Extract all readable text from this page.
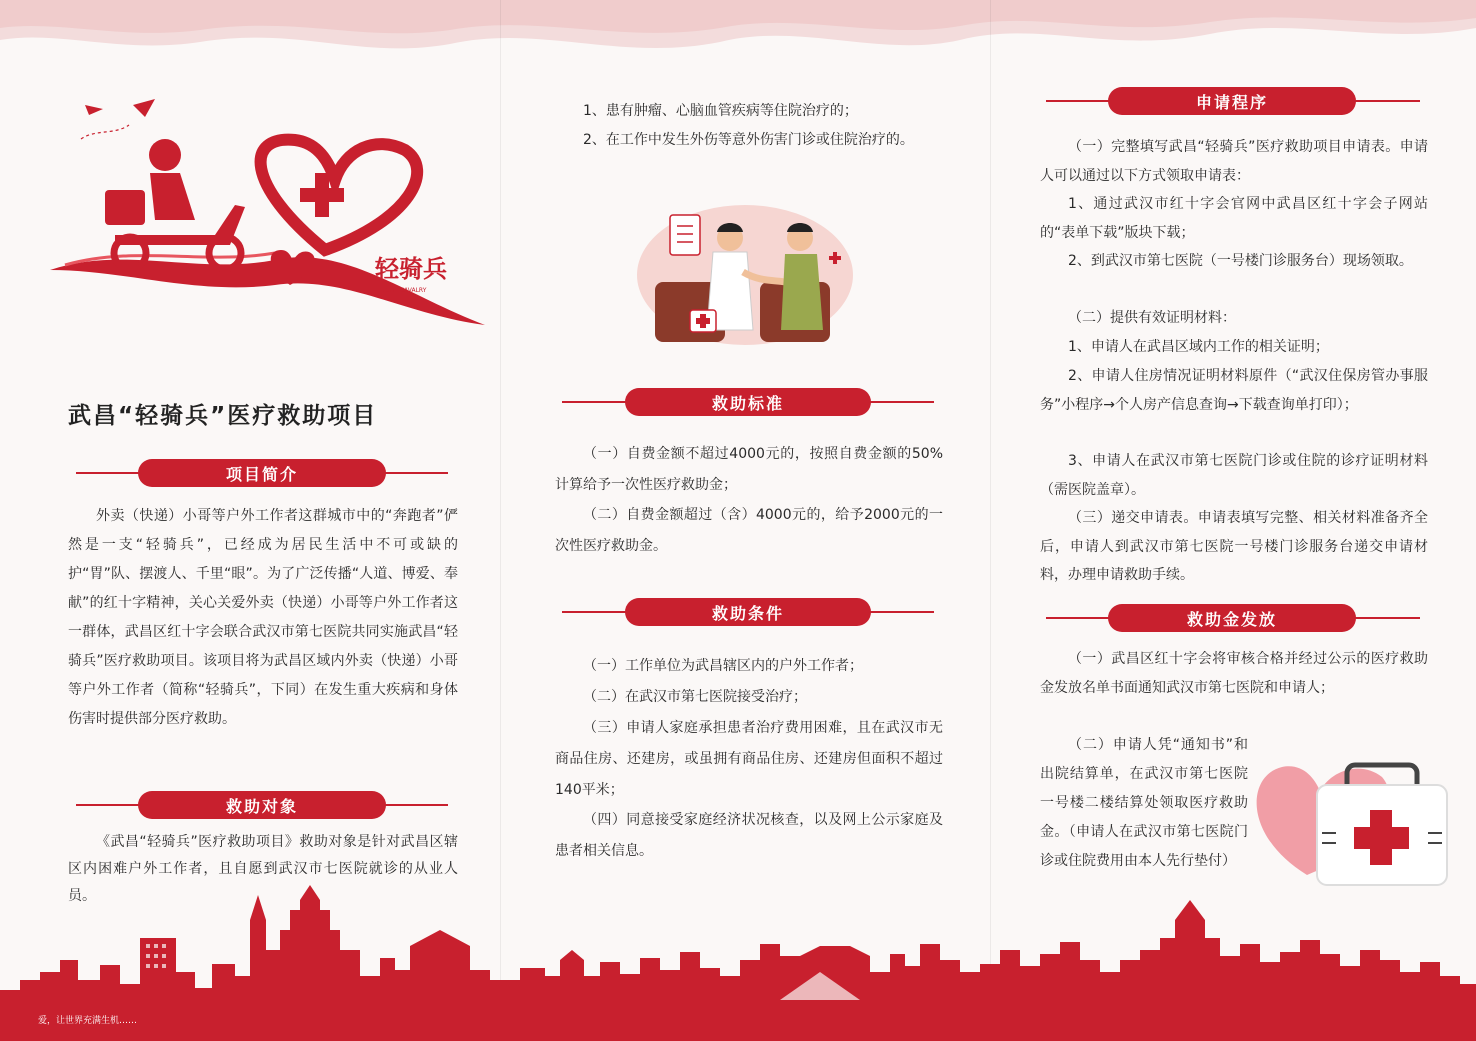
轻骑兵
LIGHT CAVALRY
武昌“轻骑兵”医疗救助项目
项目简介

外卖（快递）小哥等户外工作者这群城市中的“奔跑者”俨然是一支“轻骑兵”，已经成为居民生活中不可或缺的护“胃”队、摆渡人、千里“眼”。为了广泛传播“人道、博爱、奉献”的红十字精神，关心关爱外卖（快递）小哥等户外工作者这一群体，武昌区红十字会联合武汉市第七医院共同实施武昌“轻骑兵”医疗救助项目。该项目将为武昌区域内外卖（快递）小哥等户外工作者（简称“轻骑兵”，下同）在发生重大疾病和身体伤害时提供部分医疗救助。

救助对象

《武昌“轻骑兵”医疗救助项目》救助对象是针对武昌区辖区内困难户外工作者，且自愿到武汉市七医院就诊的从业人员。

1、患有肿瘤、心脑血管疾病等住院治疗的；

2、在工作中发生外伤等意外伤害门诊或住院治疗的。

救助标准

（一）自费金额不超过4000元的，按照自费金额的50%计算给予一次性医疗救助金；

（二）自费金额超过（含）4000元的，给予2000元的一次性医疗救助金。

救助条件

（一）工作单位为武昌辖区内的户外工作者；

（二）在武汉市第七医院接受治疗；

（三）申请人家庭承担患者治疗费用困难，且在武汉市无商品住房、还建房，或虽拥有商品住房、还建房但面积不超过140平米；

（四）同意接受家庭经济状况核查，以及网上公示家庭及患者相关信息。

申请程序

（一）完整填写武昌“轻骑兵”医疗救助项目申请表。申请人可以通过以下方式领取申请表：

1、通过武汉市红十字会官网中武昌区红十字会子网站的“表单下载”版块下载；

2、到武汉市第七医院（一号楼门诊服务台）现场领取。

（二）提供有效证明材料：

1、申请人在武昌区域内工作的相关证明；

2、申请人住房情况证明材料原件（“武汉住保房管办事服务”小程序→个人房产信息查询→下载查询单打印）；

3、申请人在武汉市第七医院门诊或住院的诊疗证明材料（需医院盖章）。

（三）递交申请表。申请表填写完整、相关材料准备齐全后，申请人到武汉市第七医院一号楼门诊服务台递交申请材料，办理申请救助手续。

救助金发放

（一）武昌区红十字会将审核合格并经过公示的医疗救助金发放名单书面通知武汉市第七医院和申请人；

（二）申请人凭“通知书”和出院结算单，在武汉市第七医院一号楼二楼结算处领取医疗救助金。（申请人在武汉市第七医院门诊或住院费用由本人先行垫付）

爱，让世界充满生机……
